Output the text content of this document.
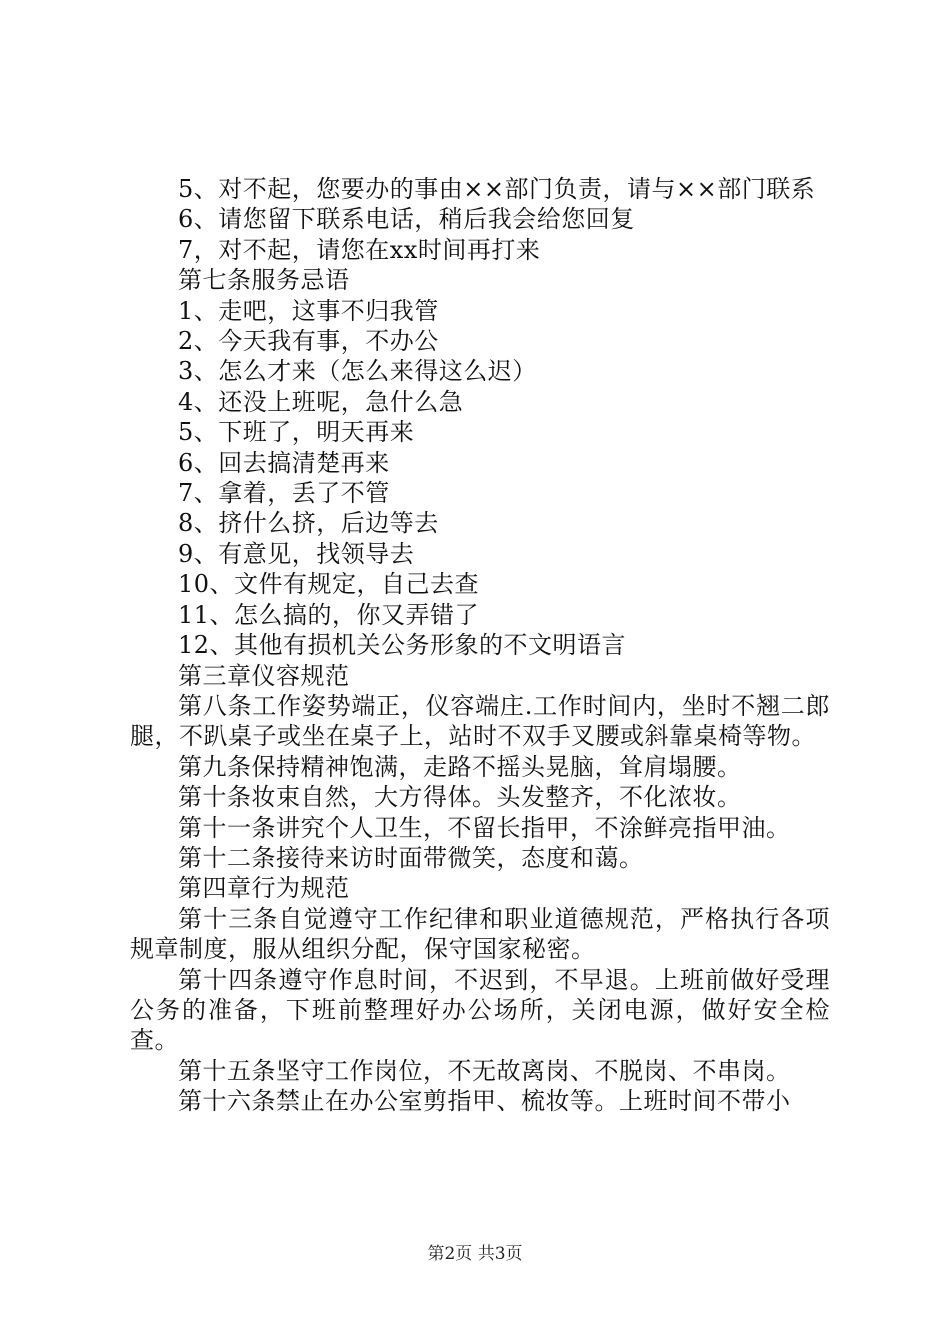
5、对不起，您要办的事由××部门负责，请与××部门联系

6、请您留下联系电话，稍后我会给您回复

7，对不起，请您在xx时间再打来

第七条服务忌语

1、走吧，这事不归我管

2、今天我有事，不办公

3、怎么才来（怎么来得这么迟）

4、还没上班呢，急什么急

5、下班了，明天再来

6、回去搞清楚再来

7、拿着，丢了不管

8、挤什么挤，后边等去

9、有意见，找领导去

10、文件有规定，自己去查

11、怎么搞的，你又弄错了

12、其他有损机关公务形象的不文明语言

第三章仪容规范

第八条工作姿势端正，仪容端庄.工作时间内，坐时不翘二郎腿，不趴桌子或坐在桌子上，站时不双手叉腰或斜靠桌椅等物。

第九条保持精神饱满，走路不摇头晃脑，耸肩塌腰。

第十条妆束自然，大方得体。头发整齐，不化浓妆。

第十一条讲究个人卫生，不留长指甲，不涂鲜亮指甲油。

第十二条接待来访时面带微笑，态度和蔼。

第四章行为规范

第十三条自觉遵守工作纪律和职业道德规范，严格执行各项规章制度，服从组织分配，保守国家秘密。

第十四条遵守作息时间，不迟到，不早退。上班前做好受理公务的准备，下班前整理好办公场所，关闭电源，做好安全检查。

第十五条坚守工作岗位，不无故离岗、不脱岗、不串岗。

第十六条禁止在办公室剪指甲、梳妆等。上班时间不带小

第2页 共3页
